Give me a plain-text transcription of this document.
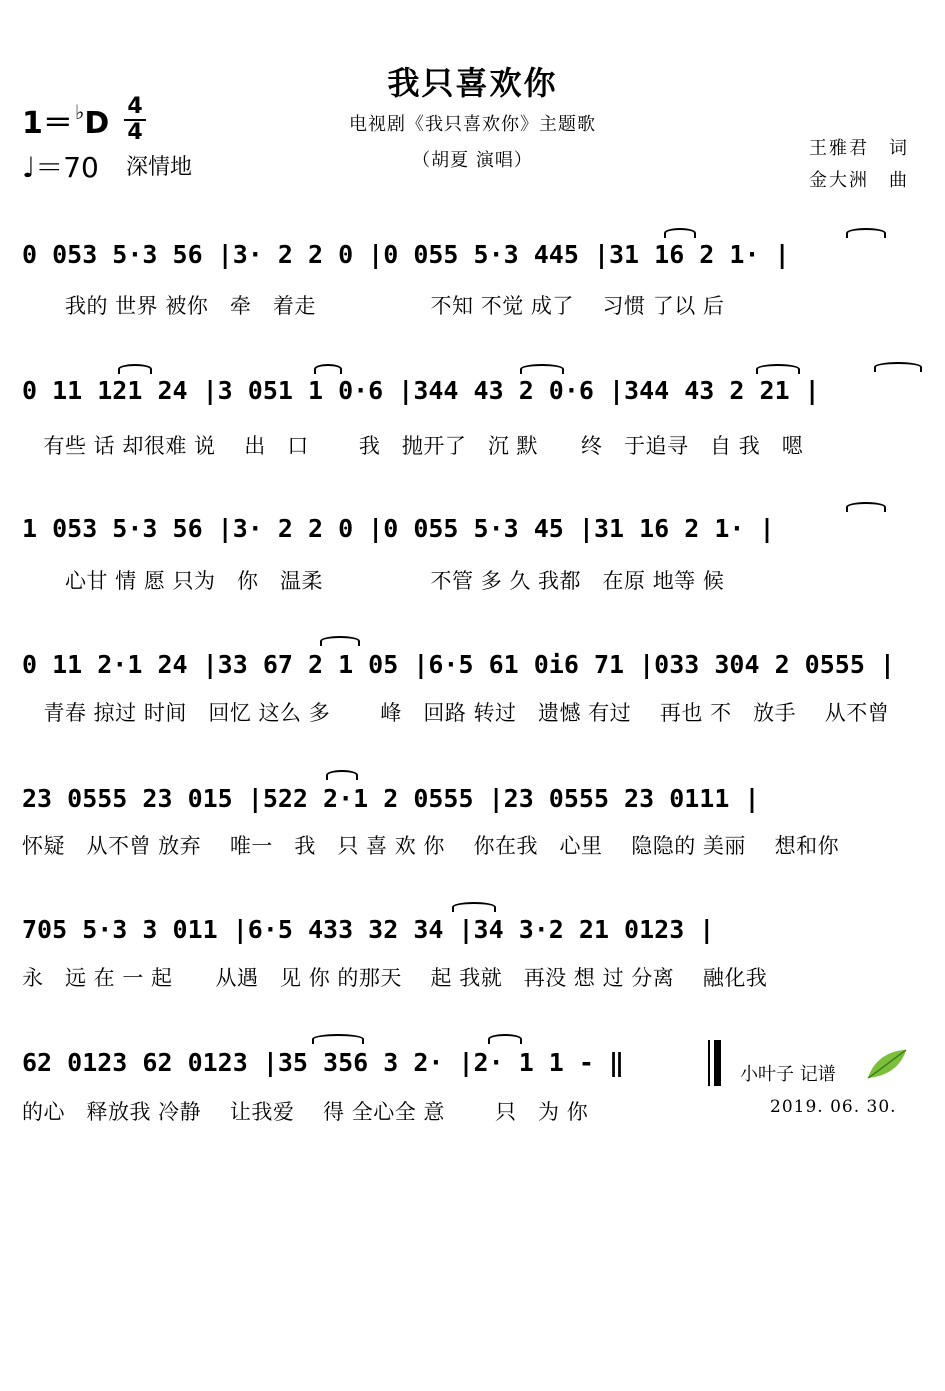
我只喜欢你
电视剧《我只喜欢你》主题歌
（胡夏 演唱）
1＝ ♭D 4
4
♩＝70 深情地
王雅君　词
金大洲　曲
0 053 5·3 56 |3· 2 2 0 |0 055 5·3 445 |31 16 2 1· |
　　我的 世界 被你　牵　着走　　　　　 不知 不觉 成了　 习惯 了以 后
0 11 121 24 |3 051 1 0·6 |344 43 2 0·6 |344 43 2 21 |
　有些 话 却很难 说　 出　口　　 我　抛开了　沉 默　　终　于追寻　自 我　嗯
1 053 5·3 56 |3· 2 2 0 |0 055 5·3 45 |31 16 2 1· |
　　心甘 情 愿 只为　你　温柔　　　　　不管 多 久 我都　在原 地等 候
0 11 2·1 24 |33 67 2 1 05 |6·5 61 0i6 71 |033 304 2 0555 |
　青春 掠过 时间　回忆 这么 多　　 峰　回路 转过　遗憾 有过　 再也 不　放手　 从不曾
23 0555 23 015 |522 2·1 2 0555 |23 0555 23 0111 |
怀疑　从不曾 放弃　 唯一　我　只 喜 欢 你　 你在我　心里　 隐隐的 美丽　 想和你
705 5·3 3 011 |6·5 433 32 34 |34 3·2 21 0123 |
永　远 在 一 起　　从遇　见 你 的那天　 起 我就　再没 想 过 分离　 融化我
62 0123 62 0123 |35 356 3 2· |2· 1 1 - ‖
的心　释放我 冷静　 让我爱　 得 全心全 意　　 只　为 你
小叶子 记谱
2019. 06. 30.
